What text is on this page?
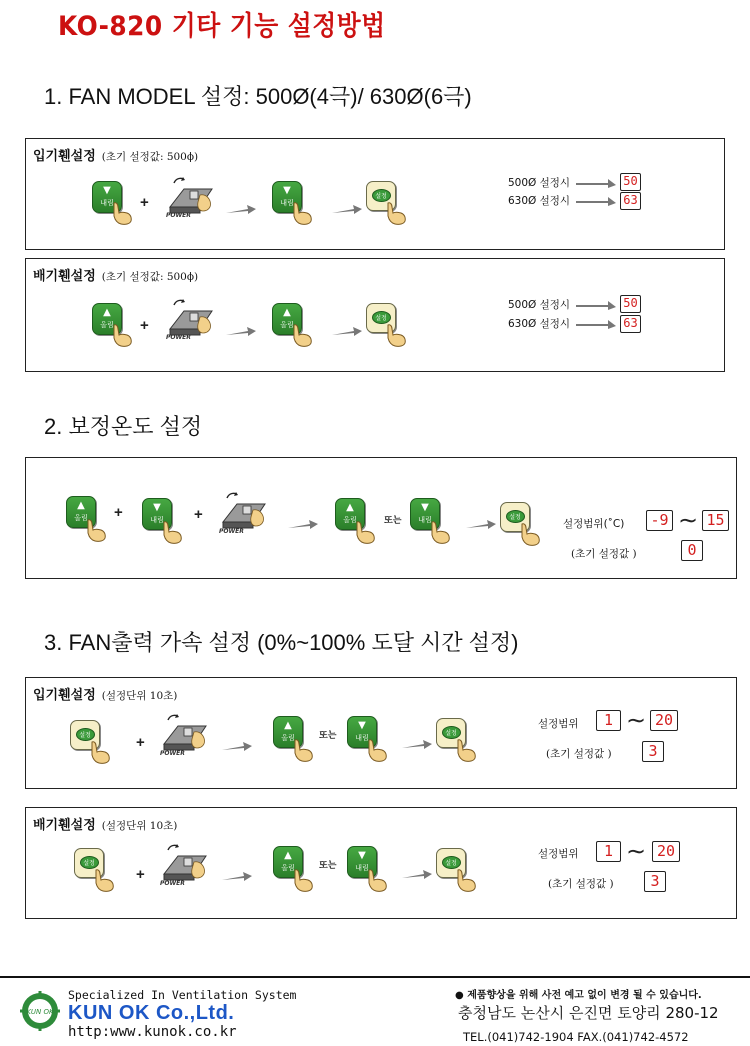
KO-820 기타 기능 설정방법
1. FAN MODEL 설정: 500Ø(4극)/ 630Ø(6극)
입기휀설정 (초기 설정값: 500ϕ)
▼
내림	+
POWER
▼
내림
설정
500Ø 설정시	50
630Ø 설정시	63
배기휀설정 (초기 설정값: 500ϕ)
▲
올림	+
POWER
▲
올림
설정
500Ø 설정시	50
630Ø 설정시	63
2. 보정온도 설정
▲
올림	+	▼
내림	+
POWER
▲
올림	또는
▼
내림	설정
설정범위(˚C) -9 ∼ 15
(초기 설정값 )	0
3. FAN출력 가속 설정 (0%~100% 도달 시간 설정)
입기휀설정 (설정단위 10초)
설정	+
POWER
▲
올림	또는
▼
내림
설정
설정범위	1 ∼ 20
(초기 설정값 )	3
배기휀설정 (설정단위 10초)
설정
+
POWER
▲
올림	또는
▼
내림
설정
설정범위	1 ∼ 20
(초기 설정값 )	3
KUN OK
Specialized In Ventilation System
KUN OK Co.,Ltd.
http:www.kunok.co.kr
● 제품향상을 위해 사전 예고 없이 변경 될 수 있습니다.
충청남도 논산시 은진면 토양리 280-12
TEL.(041)742-1904 FAX.(041)742-4572
